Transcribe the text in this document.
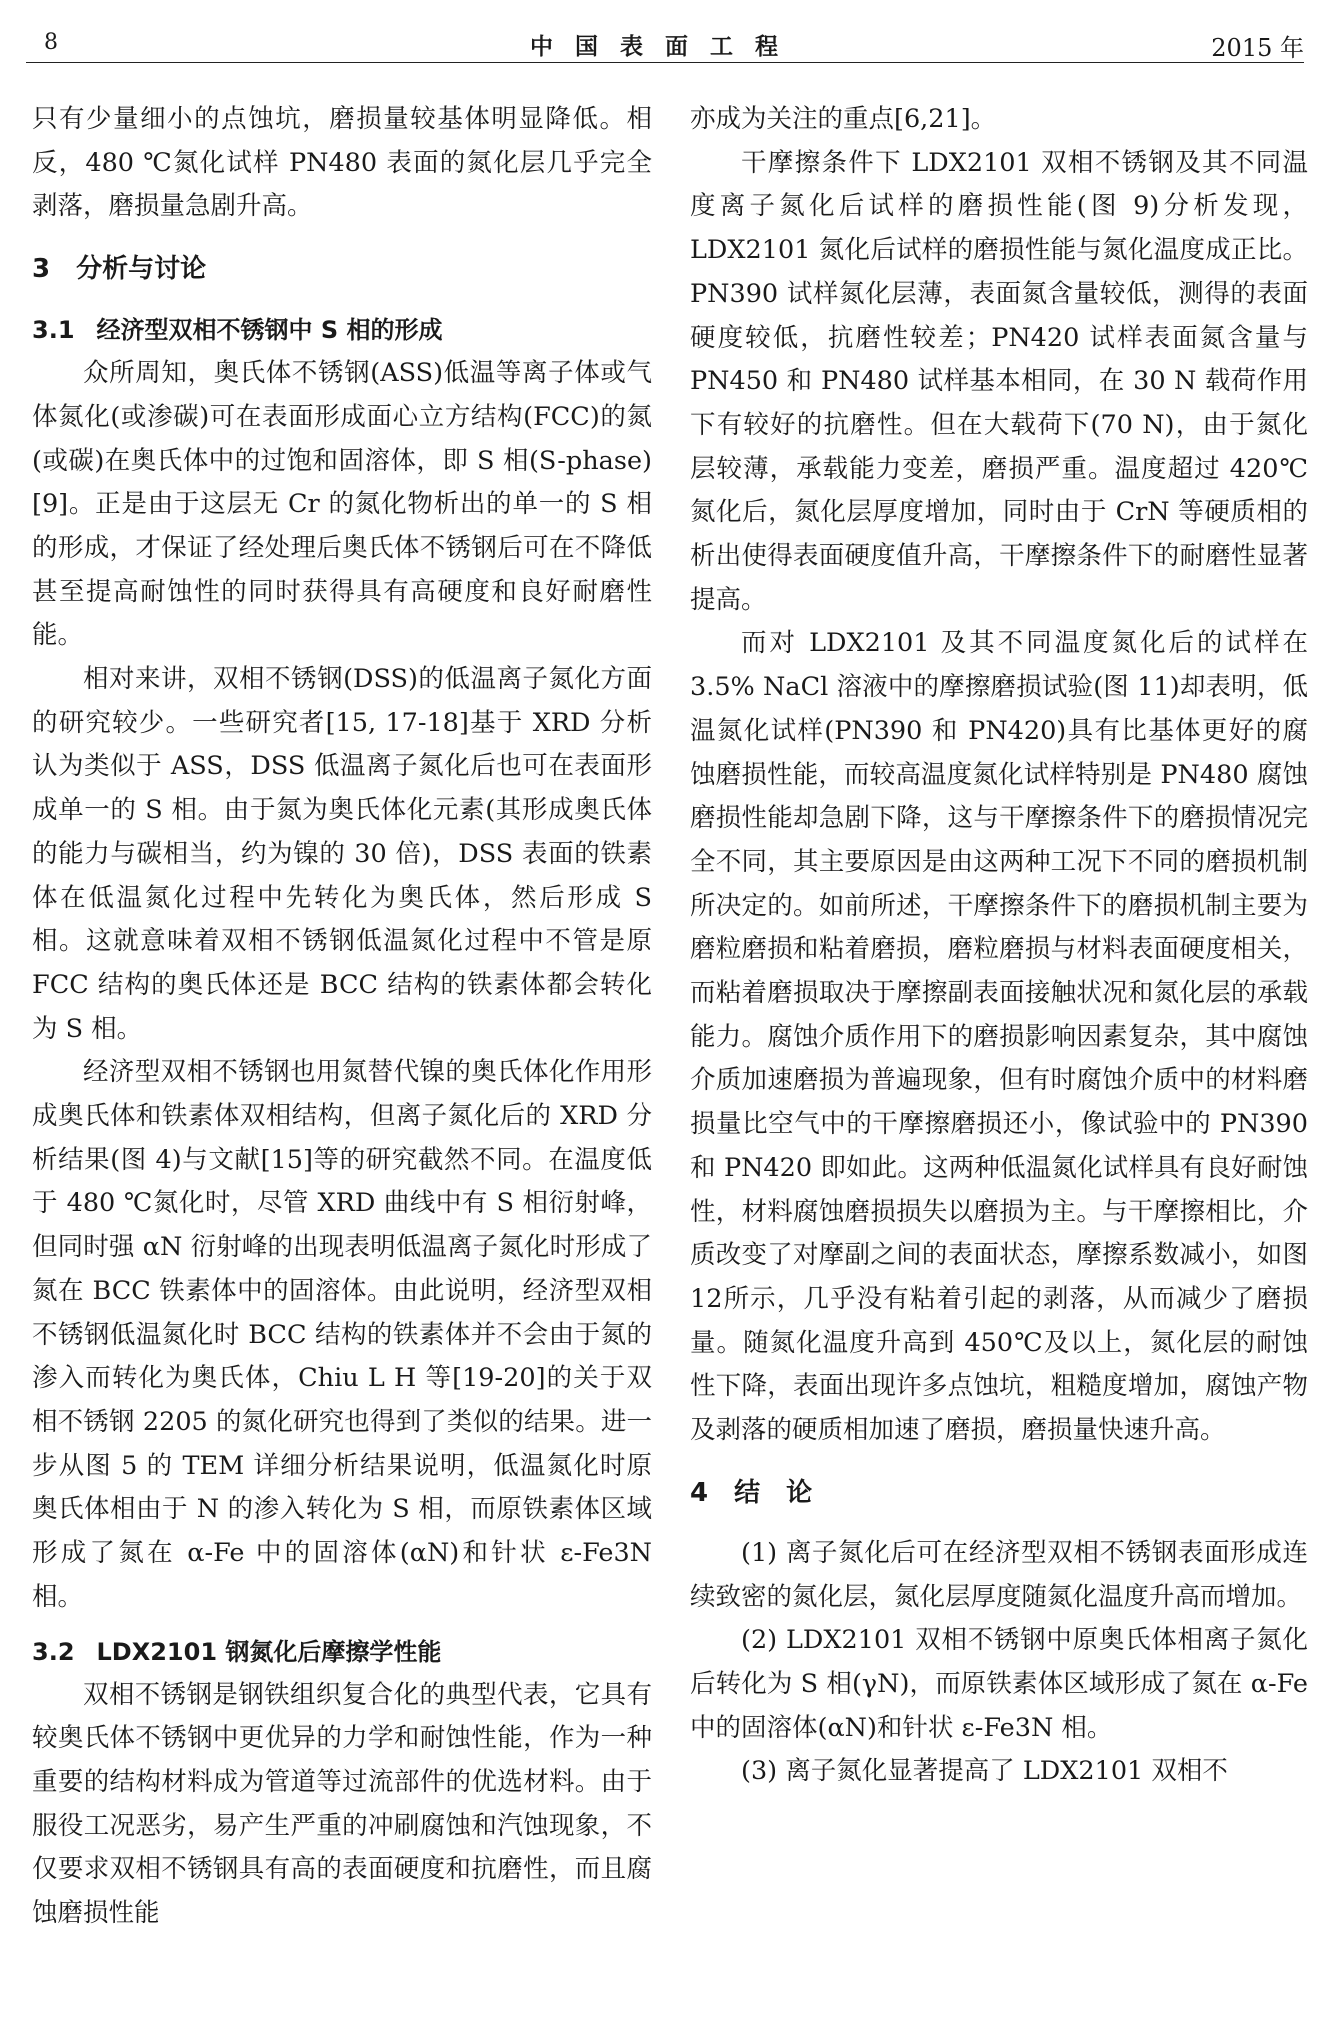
8	中国表面工程	2015 年

只有少量细小的点蚀坑，磨损量较基体明显降低。相反，480 ℃氮化试样 PN480 表面的氮化层几乎完全剥落，磨损量急剧升高。

3 分析与讨论
3.1 经济型双相不锈钢中 S 相的形成

众所周知，奥氏体不锈钢(ASS)低温等离子体或气体氮化(或渗碳)可在表面形成面心立方结构(FCC)的氮(或碳)在奥氏体中的过饱和固溶体，即 S 相(S-phase)[9]。正是由于这层无 Cr 的氮化物析出的单一的 S 相的形成，才保证了经处理后奥氏体不锈钢后可在不降低甚至提高耐蚀性的同时获得具有高硬度和良好耐磨性能。

相对来讲，双相不锈钢(DSS)的低温离子氮化方面的研究较少。一些研究者[15, 17-18]基于 XRD 分析认为类似于 ASS，DSS 低温离子氮化后也可在表面形成单一的 S 相。由于氮为奥氏体化元素(其形成奥氏体的能力与碳相当，约为镍的 30 倍)，DSS 表面的铁素体在低温氮化过程中先转化为奥氏体，然后形成 S 相。这就意味着双相不锈钢低温氮化过程中不管是原 FCC 结构的奥氏体还是 BCC 结构的铁素体都会转化为 S 相。

经济型双相不锈钢也用氮替代镍的奥氏体化作用形成奥氏体和铁素体双相结构，但离子氮化后的 XRD 分析结果(图 4)与文献[15]等的研究截然不同。在温度低于 480 ℃氮化时，尽管 XRD 曲线中有 S 相衍射峰，但同时强 αN 衍射峰的出现表明低温离子氮化时形成了氮在 BCC 铁素体中的固溶体。由此说明，经济型双相不锈钢低温氮化时 BCC 结构的铁素体并不会由于氮的渗入而转化为奥氏体，Chiu L H 等[19-20]的关于双相不锈钢 2205 的氮化研究也得到了类似的结果。进一步从图 5 的 TEM 详细分析结果说明，低温氮化时原奥氏体相由于 N 的渗入转化为 S 相，而原铁素体区域形成了氮在 α-Fe 中的固溶体(αN)和针状 ε-Fe3N 相。

3.2 LDX2101 钢氮化后摩擦学性能

双相不锈钢是钢铁组织复合化的典型代表，它具有较奥氏体不锈钢中更优异的力学和耐蚀性能，作为一种重要的结构材料成为管道等过流部件的优选材料。由于服役工况恶劣，易产生严重的冲刷腐蚀和汽蚀现象，不仅要求双相不锈钢具有高的表面硬度和抗磨性，而且腐蚀磨损性能

亦成为关注的重点[6,21]。

干摩擦条件下 LDX2101 双相不锈钢及其不同温度离子氮化后试样的磨损性能(图 9)分析发现，LDX2101 氮化后试样的磨损性能与氮化温度成正比。PN390 试样氮化层薄，表面氮含量较低，测得的表面硬度较低，抗磨性较差；PN420 试样表面氮含量与 PN450 和 PN480 试样基本相同，在 30 N 载荷作用下有较好的抗磨性。但在大载荷下(70 N)，由于氮化层较薄，承载能力变差，磨损严重。温度超过 420℃氮化后，氮化层厚度增加，同时由于 CrN 等硬质相的析出使得表面硬度值升高，干摩擦条件下的耐磨性显著提高。

而对 LDX2101 及其不同温度氮化后的试样在 3.5% NaCl 溶液中的摩擦磨损试验(图 11)却表明，低温氮化试样(PN390 和 PN420)具有比基体更好的腐蚀磨损性能，而较高温度氮化试样特别是 PN480 腐蚀磨损性能却急剧下降，这与干摩擦条件下的磨损情况完全不同，其主要原因是由这两种工况下不同的磨损机制所决定的。如前所述，干摩擦条件下的磨损机制主要为磨粒磨损和粘着磨损，磨粒磨损与材料表面硬度相关，而粘着磨损取决于摩擦副表面接触状况和氮化层的承载能力。腐蚀介质作用下的磨损影响因素复杂，其中腐蚀介质加速磨损为普遍现象，但有时腐蚀介质中的材料磨损量比空气中的干摩擦磨损还小，像试验中的 PN390 和 PN420 即如此。这两种低温氮化试样具有良好耐蚀性，材料腐蚀磨损损失以磨损为主。与干摩擦相比，介质改变了对摩副之间的表面状态，摩擦系数减小，如图 12所示，几乎没有粘着引起的剥落，从而减少了磨损量。随氮化温度升高到 450℃及以上，氮化层的耐蚀性下降，表面出现许多点蚀坑，粗糙度增加，腐蚀产物及剥落的硬质相加速了磨损，磨损量快速升高。

4 结　论

(1) 离子氮化后可在经济型双相不锈钢表面形成连续致密的氮化层，氮化层厚度随氮化温度升高而增加。

(2) LDX2101 双相不锈钢中原奥氏体相离子氮化后转化为 S 相(γN)，而原铁素体区域形成了氮在 α-Fe 中的固溶体(αN)和针状 ε-Fe3N 相。

(3) 离子氮化显著提高了 LDX2101 双相不
